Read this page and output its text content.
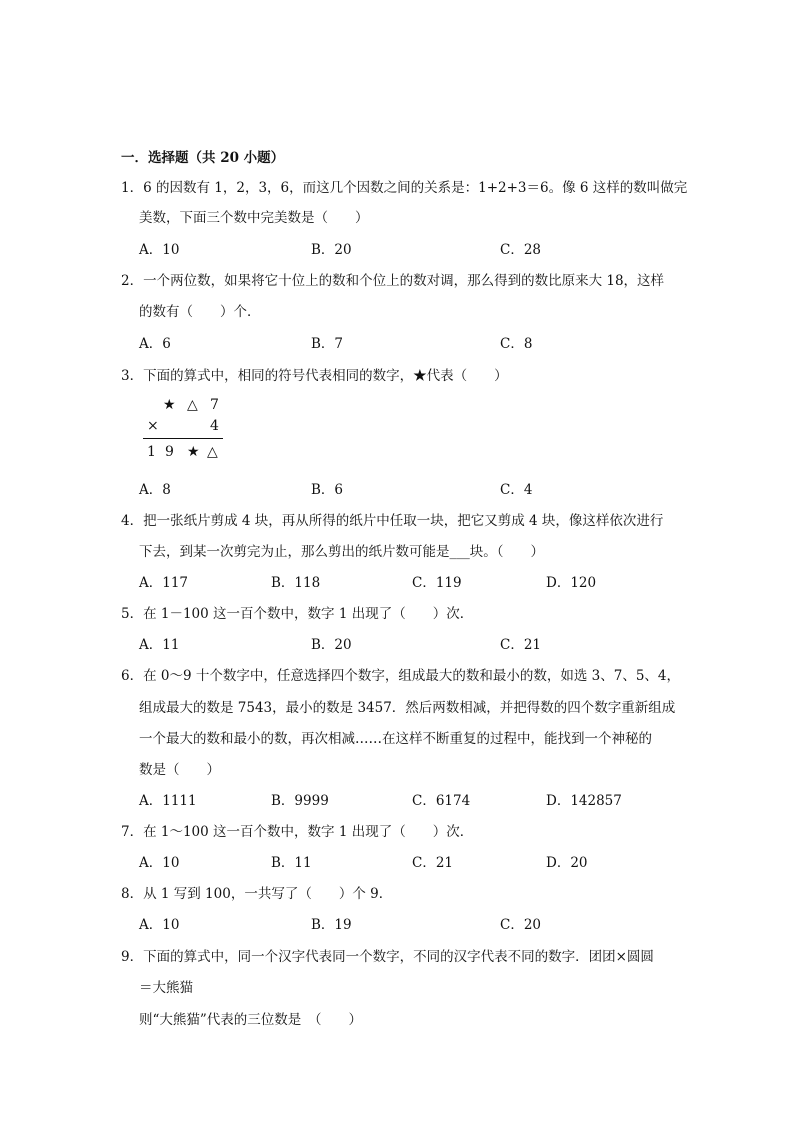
一．选择题（共 20 小题）
1．6 的因数有 1，2，3，6，而这几个因数之间的关系是：1+2+3＝6。像 6 这样的数叫做完
美数，下面三个数中完美数是（　　）
A．10	B．20	C．28
2．一个两位数，如果将它十位上的数和个位上的数对调，那么得到的数比原来大 18，这样
的数有（　　）个．
A．6	B．7	C．8
3．下面的算式中，相同的符号代表相同的数字，★代表（　　）
★ △ 7
×	4
1 9 ★ △
A．8	B．6	C．4
4．把一张纸片剪成 4 块，再从所得的纸片中任取一块，把它又剪成 4 块，像这样依次进行
下去，到某一次剪完为止，那么剪出的纸片数可能是___块。（　　）
A．117	B．118	C．119	D．120
5．在 1－100 这一百个数中，数字 1 出现了（　　）次．
A．11	B．20	C．21
6．在 0～9 十个数字中，任意选择四个数字，组成最大的数和最小的数，如选 3、7、5、4，
组成最大的数是 7543，最小的数是 3457．然后两数相减，并把得数的四个数字重新组成
一个最大的数和最小的数，再次相减……在这样不断重复的过程中，能找到一个神秘的
数是（　　）
A．1111	B．9999	C．6174	D．142857
7．在 1～100 这一百个数中，数字 1 出现了（　　）次．
A．10	B．11	C．21	D．20
8．从 1 写到 100，一共写了（　　）个 9．
A．10	B．19	C．20
9．下面的算式中，同一个汉字代表同一个数字，不同的汉字代表不同的数字．团团×圆圆
＝大熊猫
则“大熊猫”代表的三位数是　（　　）
